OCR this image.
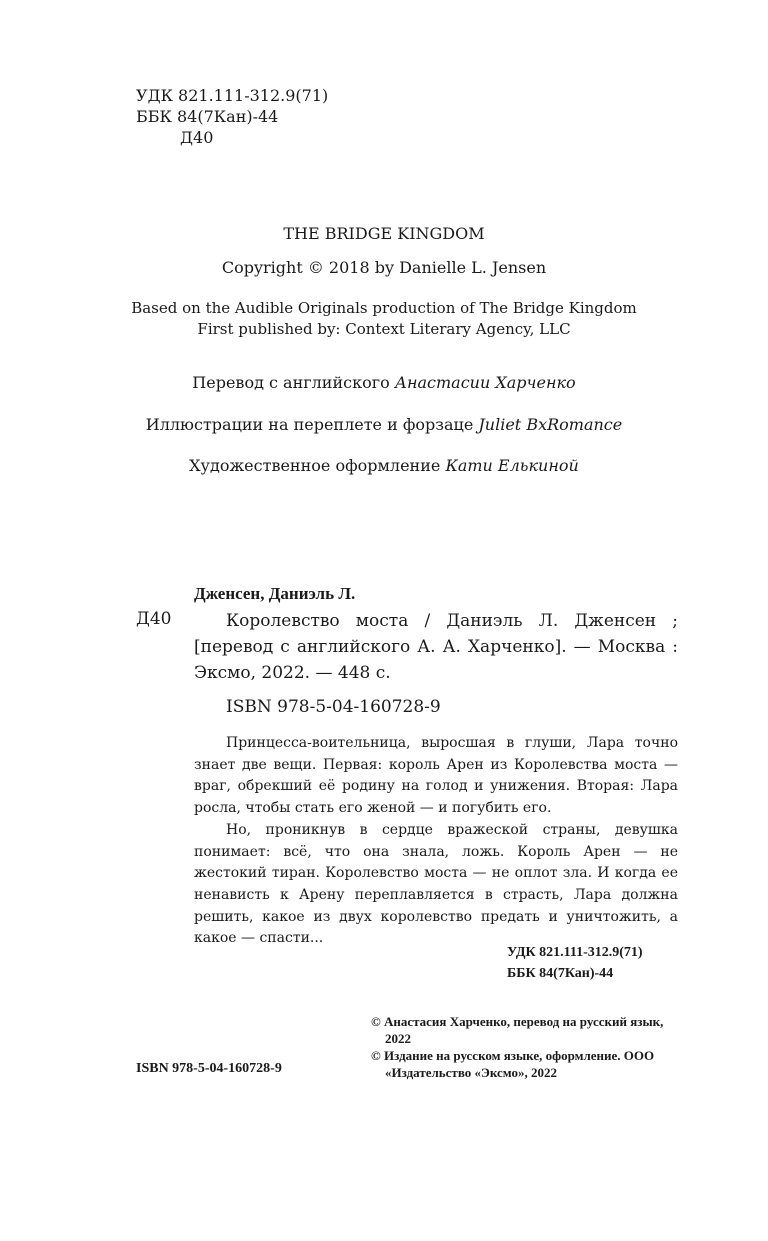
УДК 821.111-312.9(71)
ББК 84(7Кан)-44
Д40
THE BRIDGE KINGDOM
Copyright © 2018 by Danielle L. Jensen
Based on the Audible Originals production of The Bridge Kingdom
First published by: Context Literary Agency, LLC
Перевод с английского Анастасии Харченко
Иллюстрации на переплете и форзаце Juliet BxRomance
Художественное оформление Кати Елькиной
Дженсен, Даниэль Л.
Д40	Королевство моста / Даниэль Л. Дженсен ; [перевод с английского А. А. Харченко]. — Москва : Эксмо, 2022. — 448 с.
ISBN 978-5-04-160728-9

Принцесса-воительница, выросшая в глуши, Лара точно знает две вещи. Первая: король Арен из Королевства моста — враг, обрекший её родину на голод и унижения. Вторая: Лара росла, чтобы стать его женой — и погубить его.

Но, проникнув в сердце вражеской страны, девушка понимает: всё, что она знала, ложь. Король Арен — не жестокий тиран. Королевство моста — не оплот зла. И когда ее ненависть к Арену переплавляется в страсть, Лара должна решить, какое из двух королевство предать и уничтожить, а какое — спасти...

УДК 821.111-312.9(71)
ББК 84(7Кан)-44
© Анастасия Харченко, перевод на русский язык, 2022
© Издание на русском языке, оформление. ООО «Издательство «Эксмо», 2022
ISBN 978-5-04-160728-9
